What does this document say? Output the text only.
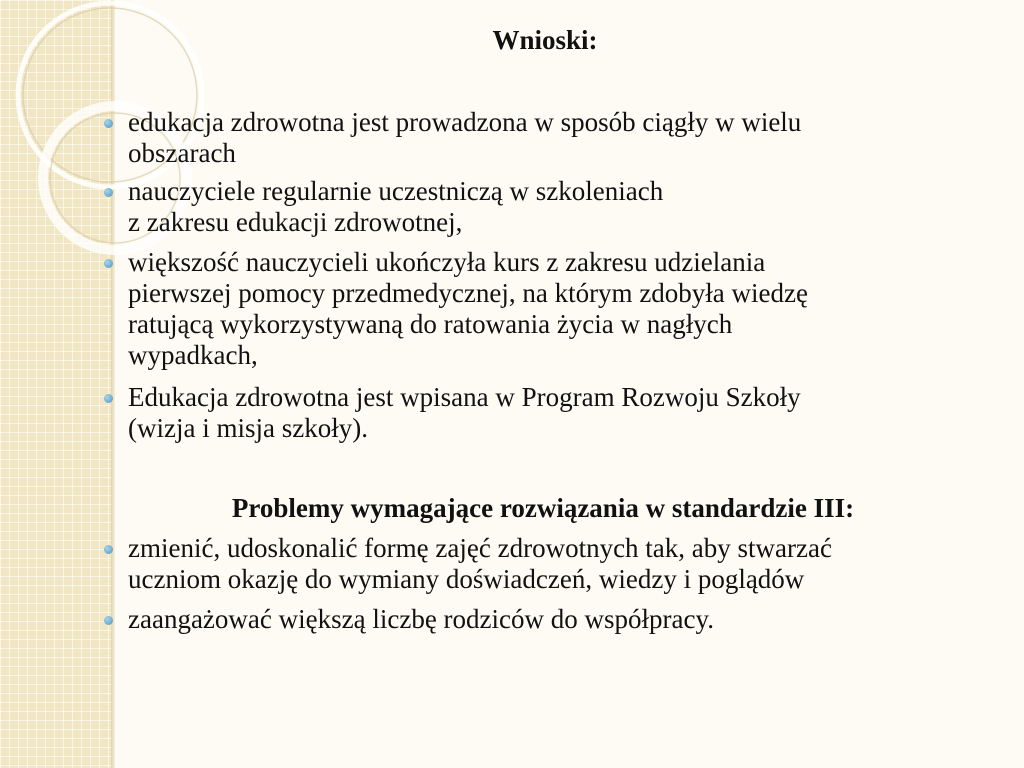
Wnioski:
edukacja zdrowotna jest prowadzona w sposób ciągły w wielu
obszarach
nauczyciele regularnie uczestniczą w szkoleniach
z zakresu edukacji zdrowotnej,
większość nauczycieli ukończyła kurs z zakresu udzielania
pierwszej pomocy przedmedycznej, na którym zdobyła wiedzę
ratującą wykorzystywaną do ratowania życia w nagłych
wypadkach,
Edukacja zdrowotna jest wpisana w Program Rozwoju Szkoły
(wizja i misja szkoły).
Problemy wymagające rozwiązania w standardzie III:
zmienić, udoskonalić formę zajęć zdrowotnych tak, aby stwarzać
uczniom okazję do wymiany doświadczeń, wiedzy i poglądów
zaangażować większą liczbę rodziców do współpracy.
